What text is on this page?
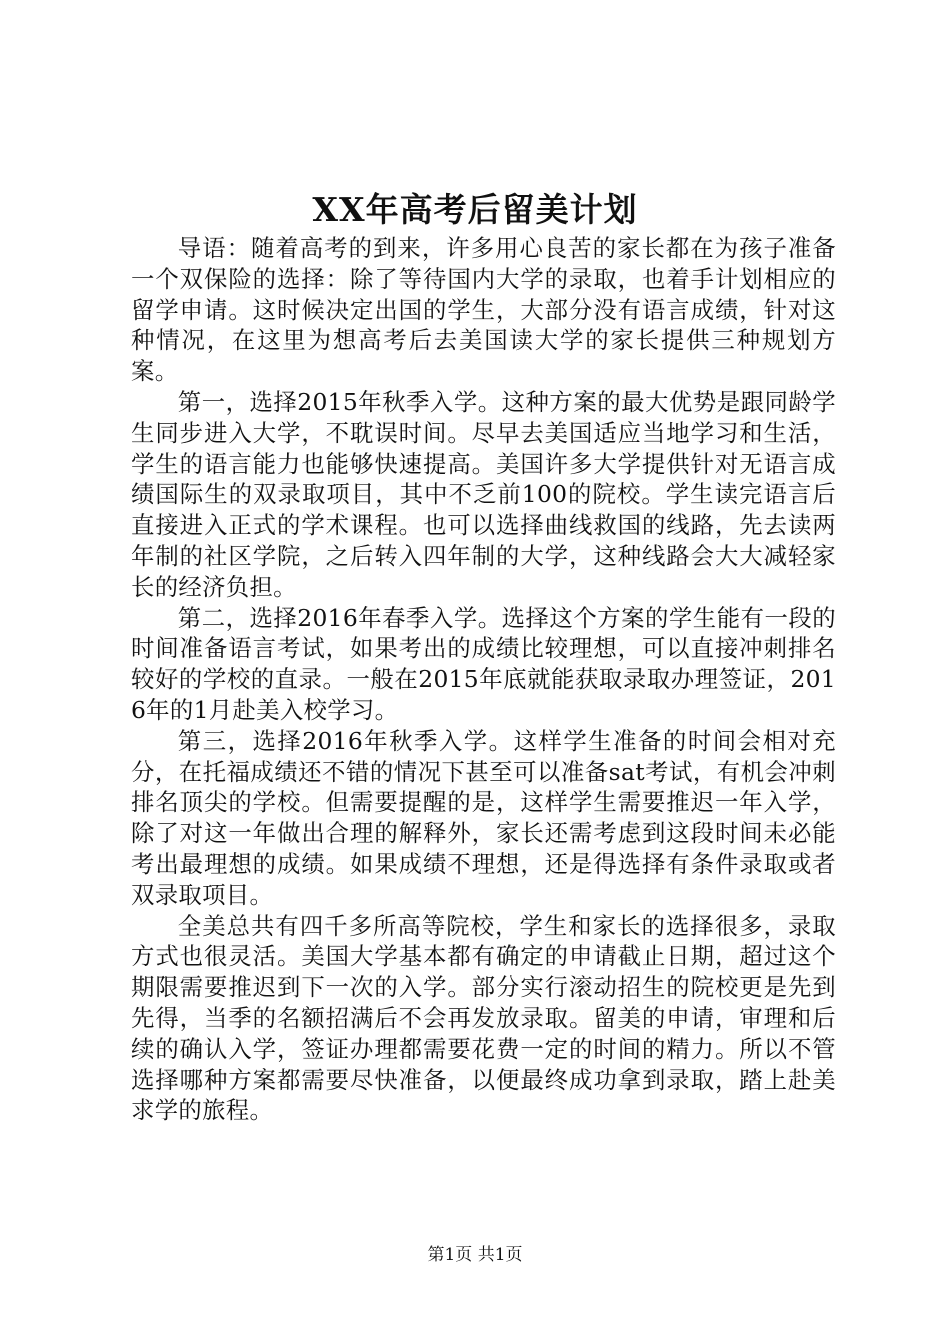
XX年高考后留美计划

导语：随着高考的到来，许多用心良苦的家长都在为孩子准备一个双保险的选择：除了等待国内大学的录取，也着手计划相应的留学申请。这时候决定出国的学生，大部分没有语言成绩，针对这种情况，在这里为想高考后去美国读大学的家长提供三种规划方案。

第一，选择2015年秋季入学。这种方案的最大优势是跟同龄学生同步进入大学，不耽误时间。尽早去美国适应当地学习和生活，学生的语言能力也能够快速提高。美国许多大学提供针对无语言成绩国际生的双录取项目，其中不乏前100的院校。学生读完语言后直接进入正式的学术课程。也可以选择曲线救国的线路，先去读两年制的社区学院，之后转入四年制的大学，这种线路会大大减轻家长的经济负担。

第二，选择2016年春季入学。选择这个方案的学生能有一段的时间准备语言考试，如果考出的成绩比较理想，可以直接冲刺排名较好的学校的直录。一般在2015年底就能获取录取办理签证，2016年的1月赴美入校学习。

第三，选择2016年秋季入学。这样学生准备的时间会相对充分，在托福成绩还不错的情况下甚至可以准备sat考试，有机会冲刺排名顶尖的学校。但需要提醒的是，这样学生需要推迟一年入学，除了对这一年做出合理的解释外，家长还需考虑到这段时间未必能考出最理想的成绩。如果成绩不理想，还是得选择有条件录取或者双录取项目。

全美总共有四千多所高等院校，学生和家长的选择很多，录取方式也很灵活。美国大学基本都有确定的申请截止日期，超过这个期限需要推迟到下一次的入学。部分实行滚动招生的院校更是先到先得，当季的名额招满后不会再发放录取。留美的申请，审理和后续的确认入学，签证办理都需要花费一定的时间的精力。所以不管选择哪种方案都需要尽快准备，以便最终成功拿到录取，踏上赴美求学的旅程。

第1页 共1页
